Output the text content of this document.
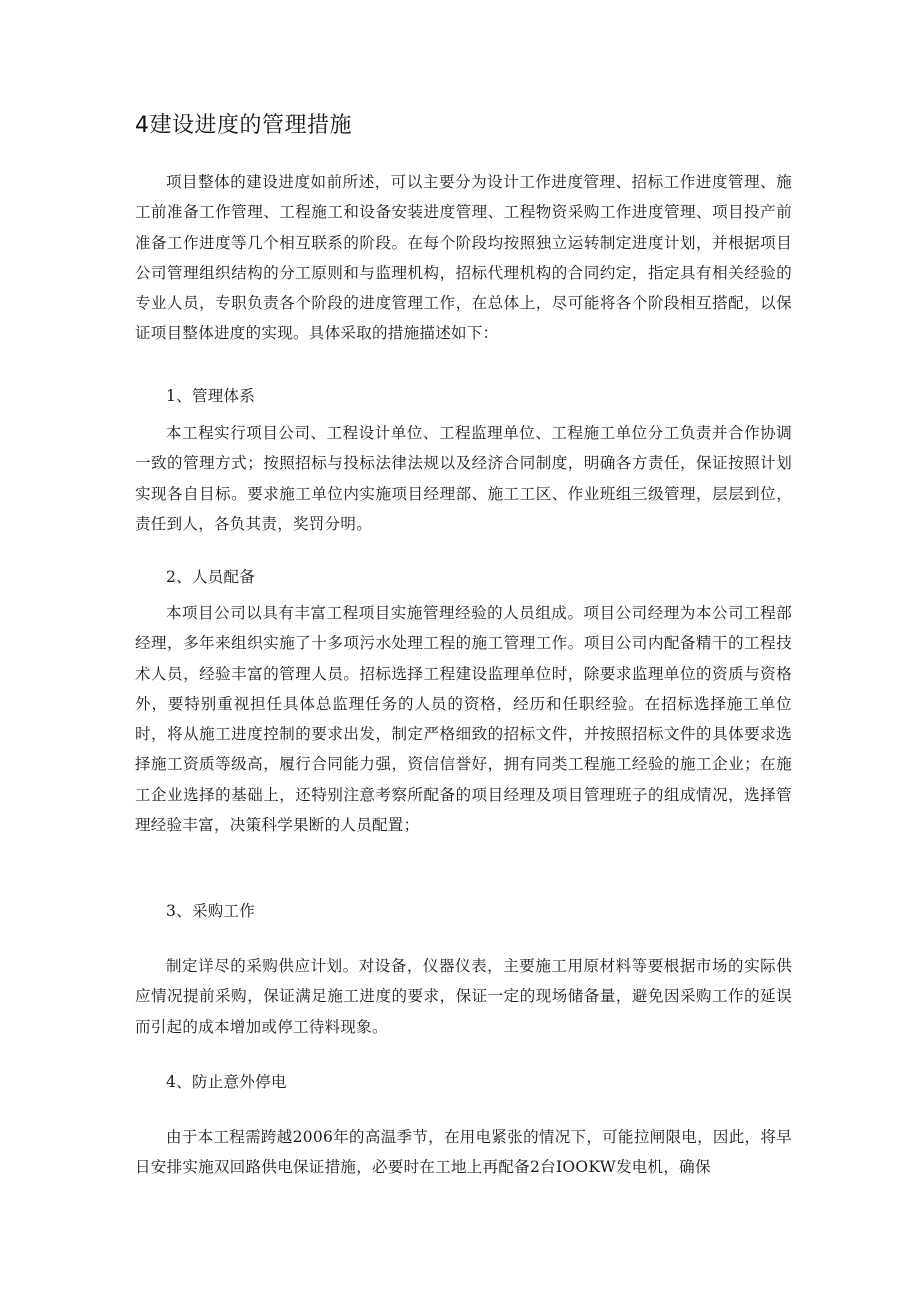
4建设进度的管理措施

项目整体的建设进度如前所述，可以主要分为设计工作进度管理、招标工作进度管理、施工前准备工作管理、工程施工和设备安装进度管理、工程物资采购工作进度管理、项目投产前准备工作进度等几个相互联系的阶段。在每个阶段均按照独立运转制定进度计划，并根据项目公司管理组织结构的分工原则和与监理机构，招标代理机构的合同约定，指定具有相关经验的专业人员，专职负责各个阶段的进度管理工作，在总体上，尽可能将各个阶段相互搭配，以保证项目整体进度的实现。具体采取的措施描述如下：

1、管理体系

本工程实行项目公司、工程设计单位、工程监理单位、工程施工单位分工负责并合作协调一致的管理方式；按照招标与投标法律法规以及经济合同制度，明确各方责任，保证按照计划实现各自目标。要求施工单位内实施项目经理部、施工工区、作业班组三级管理，层层到位，责任到人，各负其责，奖罚分明。

2、人员配备

本项目公司以具有丰富工程项目实施管理经验的人员组成。项目公司经理为本公司工程部经理，多年来组织实施了十多项污水处理工程的施工管理工作。项目公司内配备精干的工程技术人员，经验丰富的管理人员。招标选择工程建设监理单位时，除要求监理单位的资质与资格外，要特别重视担任具体总监理任务的人员的资格，经历和任职经验。在招标选择施工单位时，将从施工进度控制的要求出发，制定严格细致的招标文件，并按照招标文件的具体要求选择施工资质等级高，履行合同能力强，资信信誉好，拥有同类工程施工经验的施工企业；在施工企业选择的基础上，还特别注意考察所配备的项目经理及项目管理班子的组成情况，选择管理经验丰富，决策科学果断的人员配置；

3、采购工作

制定详尽的采购供应计划。对设备，仪器仪表，主要施工用原材料等要根据市场的实际供应情况提前采购，保证满足施工进度的要求，保证一定的现场储备量，避免因采购工作的延误而引起的成本增加或停工待料现象。

4、防止意外停电

由于本工程需跨越2006年的高温季节，在用电紧张的情况下，可能拉闸限电，因此，将早日安排实施双回路供电保证措施，必要时在工地上再配备2台IOOKW发电机，确保
